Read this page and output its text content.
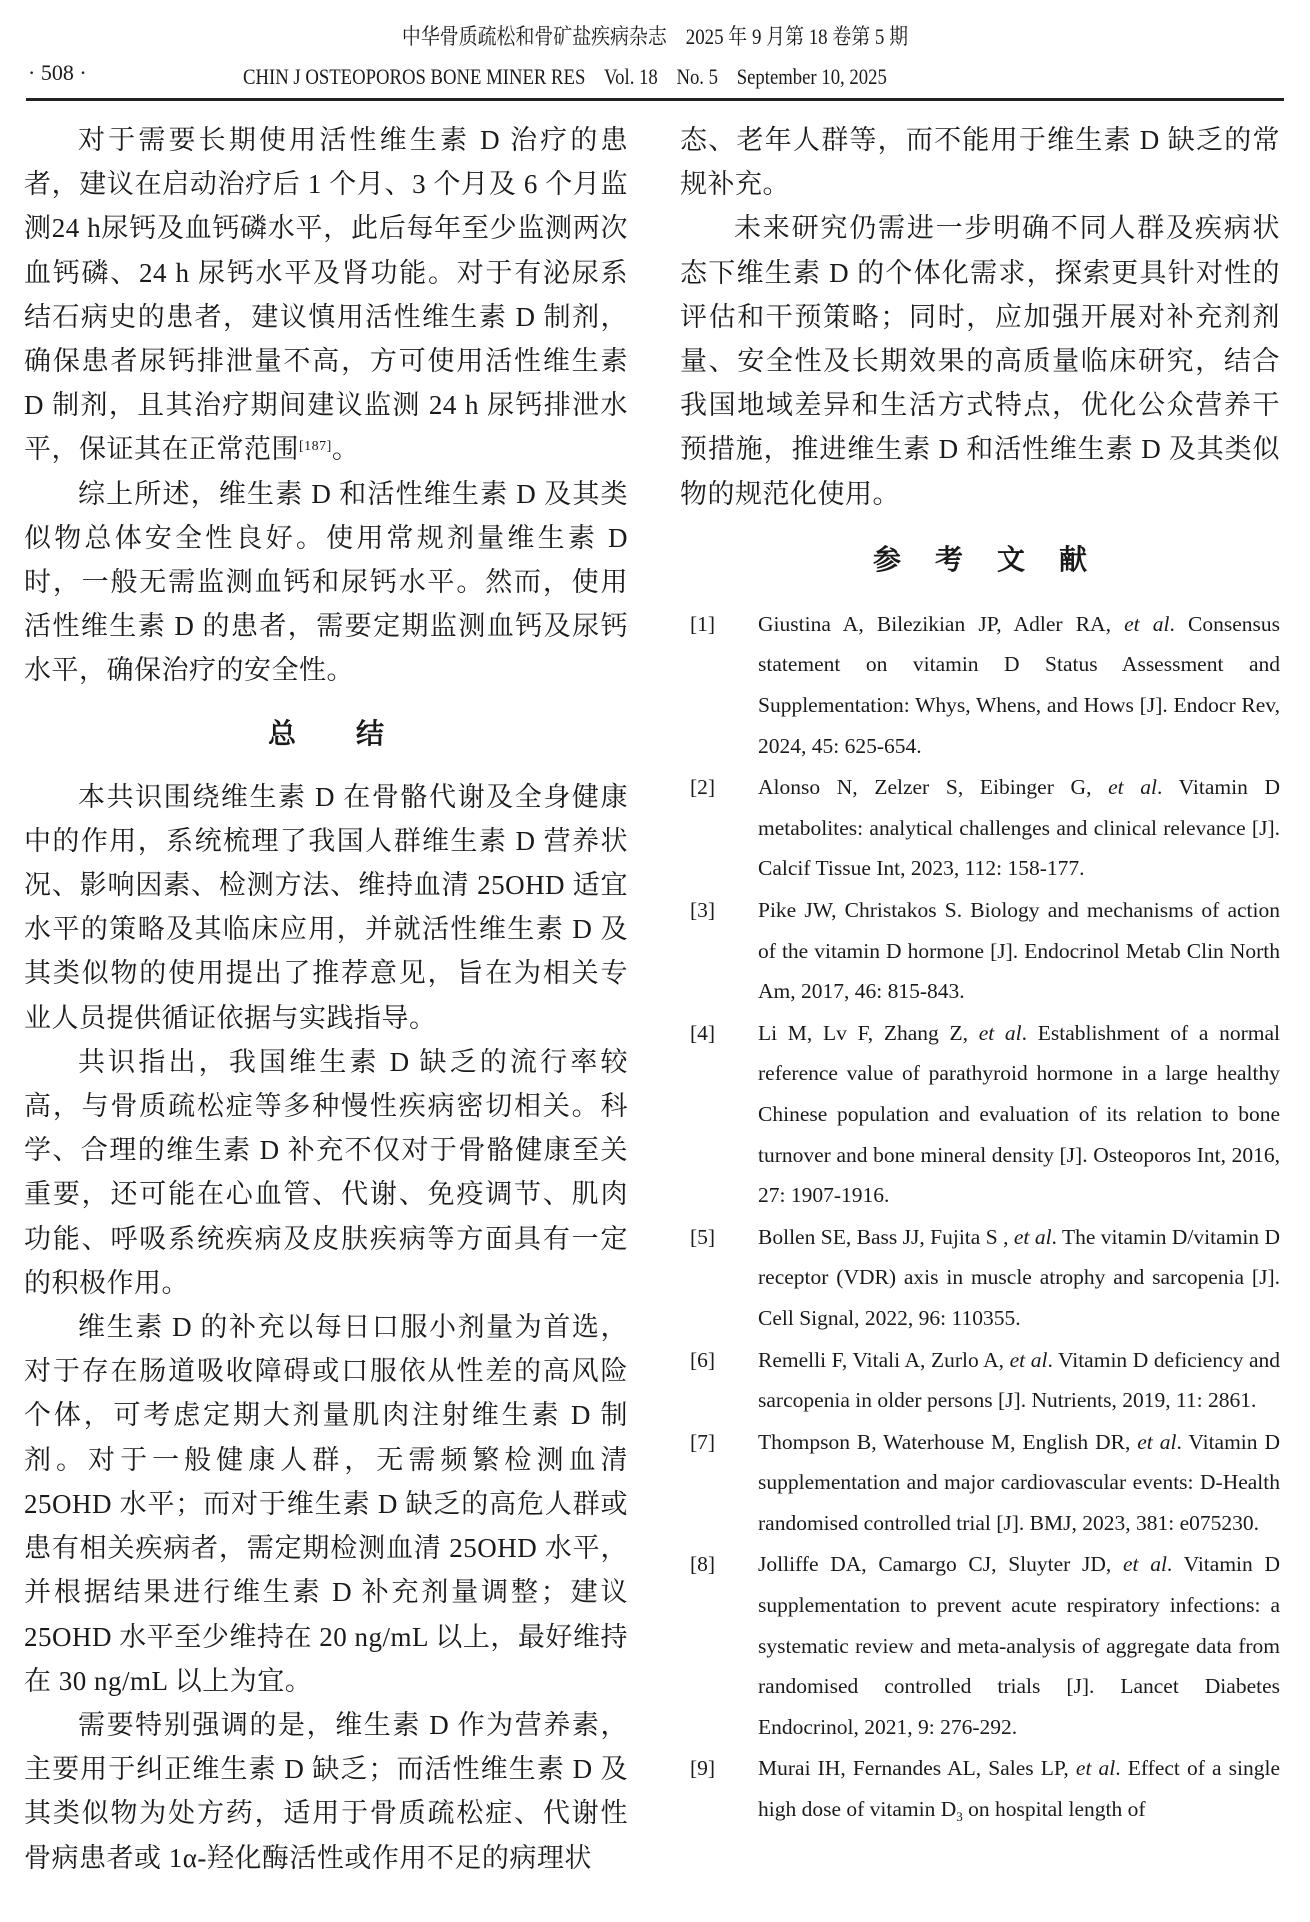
中华骨质疏松和骨矿盐疾病杂志　2025 年 9 月第 18 卷第 5 期
· 508 ·	CHIN J OSTEOPOROS BONE MINER RES　Vol. 18　No. 5　September 10, 2025

对于需要长期使用活性维生素 D 治疗的患者，建议在启动治疗后 1 个月、3 个月及 6 个月监测24 h尿钙及血钙磷水平，此后每年至少监测两次血钙磷、24 h 尿钙水平及肾功能。对于有泌尿系结石病史的患者，建议慎用活性维生素 D 制剂，确保患者尿钙排泄量不高，方可使用活性维生素 D 制剂，且其治疗期间建议监测 24 h 尿钙排泄水平，保证其在正常范围[187]。

综上所述，维生素 D 和活性维生素 D 及其类似物总体安全性良好。使用常规剂量维生素 D 时，一般无需监测血钙和尿钙水平。然而，使用活性维生素 D 的患者，需要定期监测血钙及尿钙水平，确保治疗的安全性。

总结

本共识围绕维生素 D 在骨骼代谢及全身健康中的作用，系统梳理了我国人群维生素 D 营养状况、影响因素、检测方法、维持血清 25OHD 适宜水平的策略及其临床应用，并就活性维生素 D 及其类似物的使用提出了推荐意见，旨在为相关专业人员提供循证依据与实践指导。

共识指出，我国维生素 D 缺乏的流行率较高，与骨质疏松症等多种慢性疾病密切相关。科学、合理的维生素 D 补充不仅对于骨骼健康至关重要，还可能在心血管、代谢、免疫调节、肌肉功能、呼吸系统疾病及皮肤疾病等方面具有一定的积极作用。

维生素 D 的补充以每日口服小剂量为首选，对于存在肠道吸收障碍或口服依从性差的高风险个体，可考虑定期大剂量肌肉注射维生素 D 制剂。对于一般健康人群，无需频繁检测血清 25OHD 水平；而对于维生素 D 缺乏的高危人群或患有相关疾病者，需定期检测血清 25OHD 水平，并根据结果进行维生素 D 补充剂量调整；建议 25OHD 水平至少维持在 20 ng/mL 以上，最好维持在 30 ng/mL 以上为宜。

需要特别强调的是，维生素 D 作为营养素，主要用于纠正维生素 D 缺乏；而活性维生素 D 及其类似物为处方药，适用于骨质疏松症、代谢性骨病患者或 1α-羟化酶活性或作用不足的病理状

态、老年人群等，而不能用于维生素 D 缺乏的常规补充。

未来研究仍需进一步明确不同人群及疾病状态下维生素 D 的个体化需求，探索更具针对性的评估和干预策略；同时，应加强开展对补充剂剂量、安全性及长期效果的高质量临床研究，结合我国地域差异和生活方式特点，优化公众营养干预措施，推进维生素 D 和活性维生素 D 及其类似物的规范化使用。

参考文献
[1]	Giustina A, Bilezikian JP, Adler RA, et al. Consensus statement on vitamin D Status Assessment and Supplementation: Whys, Whens, and Hows [J]. Endocr Rev, 2024, 45: 625-654.
[2]	Alonso N, Zelzer S, Eibinger G, et al. Vitamin D metabolites: analytical challenges and clinical relevance [J]. Calcif Tissue Int, 2023, 112: 158-177.
[3]	Pike JW, Christakos S. Biology and mechanisms of action of the vitamin D hormone [J]. Endocrinol Metab Clin North Am, 2017, 46: 815-843.
[4]	Li M, Lv F, Zhang Z, et al. Establishment of a normal reference value of parathyroid hormone in a large healthy Chinese population and evaluation of its relation to bone turnover and bone mineral density [J]. Osteoporos Int, 2016, 27: 1907-1916.
[5]	Bollen SE, Bass JJ, Fujita S , et al. The vitamin D/vitamin D receptor (VDR) axis in muscle atrophy and sarcopenia [J]. Cell Signal, 2022, 96: 110355.
[6]	Remelli F, Vitali A, Zurlo A, et al. Vitamin D deficiency and sarcopenia in older persons [J]. Nutrients, 2019, 11: 2861.
[7]	Thompson B, Waterhouse M, English DR, et al. Vitamin D supplementation and major cardiovascular events: D-Health randomised controlled trial [J]. BMJ, 2023, 381: e075230.
[8]	Jolliffe DA, Camargo CJ, Sluyter JD, et al. Vitamin D supplementation to prevent acute respiratory infections: a systematic review and meta-analysis of aggregate data from randomised controlled trials [J]. Lancet Diabetes Endocrinol, 2021, 9: 276-292.
[9]	Murai IH, Fernandes AL, Sales LP, et al. Effect of a single high dose of vitamin $D_3$ on hospital length of
